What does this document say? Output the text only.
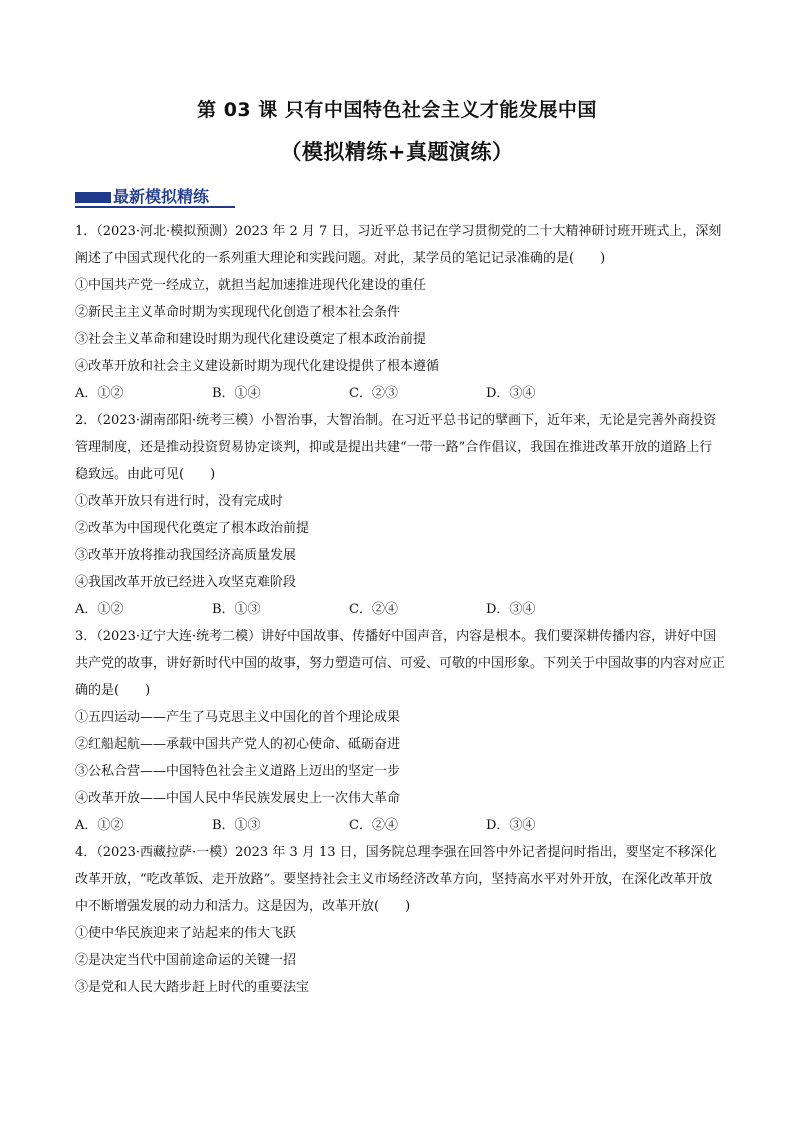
第 03 课 只有中国特色社会主义才能发展中国
（模拟精练+真题演练）
最新模拟精练

1．（2023·河北·模拟预测）2023 年 2 月 7 日，习近平总书记在学习贯彻党的二十大精神研讨班开班式上，深刻阐述了中国式现代化的一系列重大理论和实践问题。对此，某学员的笔记记录准确的是(　　)

①中国共产党一经成立，就担当起加速推进现代化建设的重任

②新民主主义革命时期为实现现代化创造了根本社会条件

③社会主义革命和建设时期为现代化建设奠定了根本政治前提

④改革开放和社会主义建设新时期为现代化建设提供了根本遵循

A．①②	B．①④	C．②③	D．③④

2．（2023·湖南邵阳·统考三模）小智治事，大智治制。在习近平总书记的擘画下，近年来，无论是完善外商投资管理制度，还是推动投资贸易协定谈判，抑或是提出共建“一带一路”合作倡议，我国在推进改革开放的道路上行稳致远。由此可见(　　)

①改革开放只有进行时，没有完成时

②改革为中国现代化奠定了根本政治前提

③改革开放将推动我国经济高质量发展

④我国改革开放已经进入攻坚克难阶段

A．①②	B．①③	C．②④	D．③④

3．（2023·辽宁大连·统考二模）讲好中国故事、传播好中国声音，内容是根本。我们要深耕传播内容，讲好中国共产党的故事，讲好新时代中国的故事，努力塑造可信、可爱、可敬的中国形象。下列关于中国故事的内容对应正确的是(　　)

①五四运动——产生了马克思主义中国化的首个理论成果

②红船起航——承载中国共产党人的初心使命、砥砺奋进

③公私合营——中国特色社会主义道路上迈出的坚定一步

④改革开放——中国人民中华民族发展史上一次伟大革命

A．①②	B．①③	C．②④	D．③④

4．（2023·西藏拉萨·一模）2023 年 3 月 13 日，国务院总理李强在回答中外记者提问时指出，要坚定不移深化改革开放，“吃改革饭、走开放路”。要坚持社会主义市场经济改革方向，坚持高水平对外开放，在深化改革开放中不断增强发展的动力和活力。这是因为，改革开放(　　)

①使中华民族迎来了站起来的伟大飞跃

②是决定当代中国前途命运的关键一招

③是党和人民大踏步赶上时代的重要法宝
